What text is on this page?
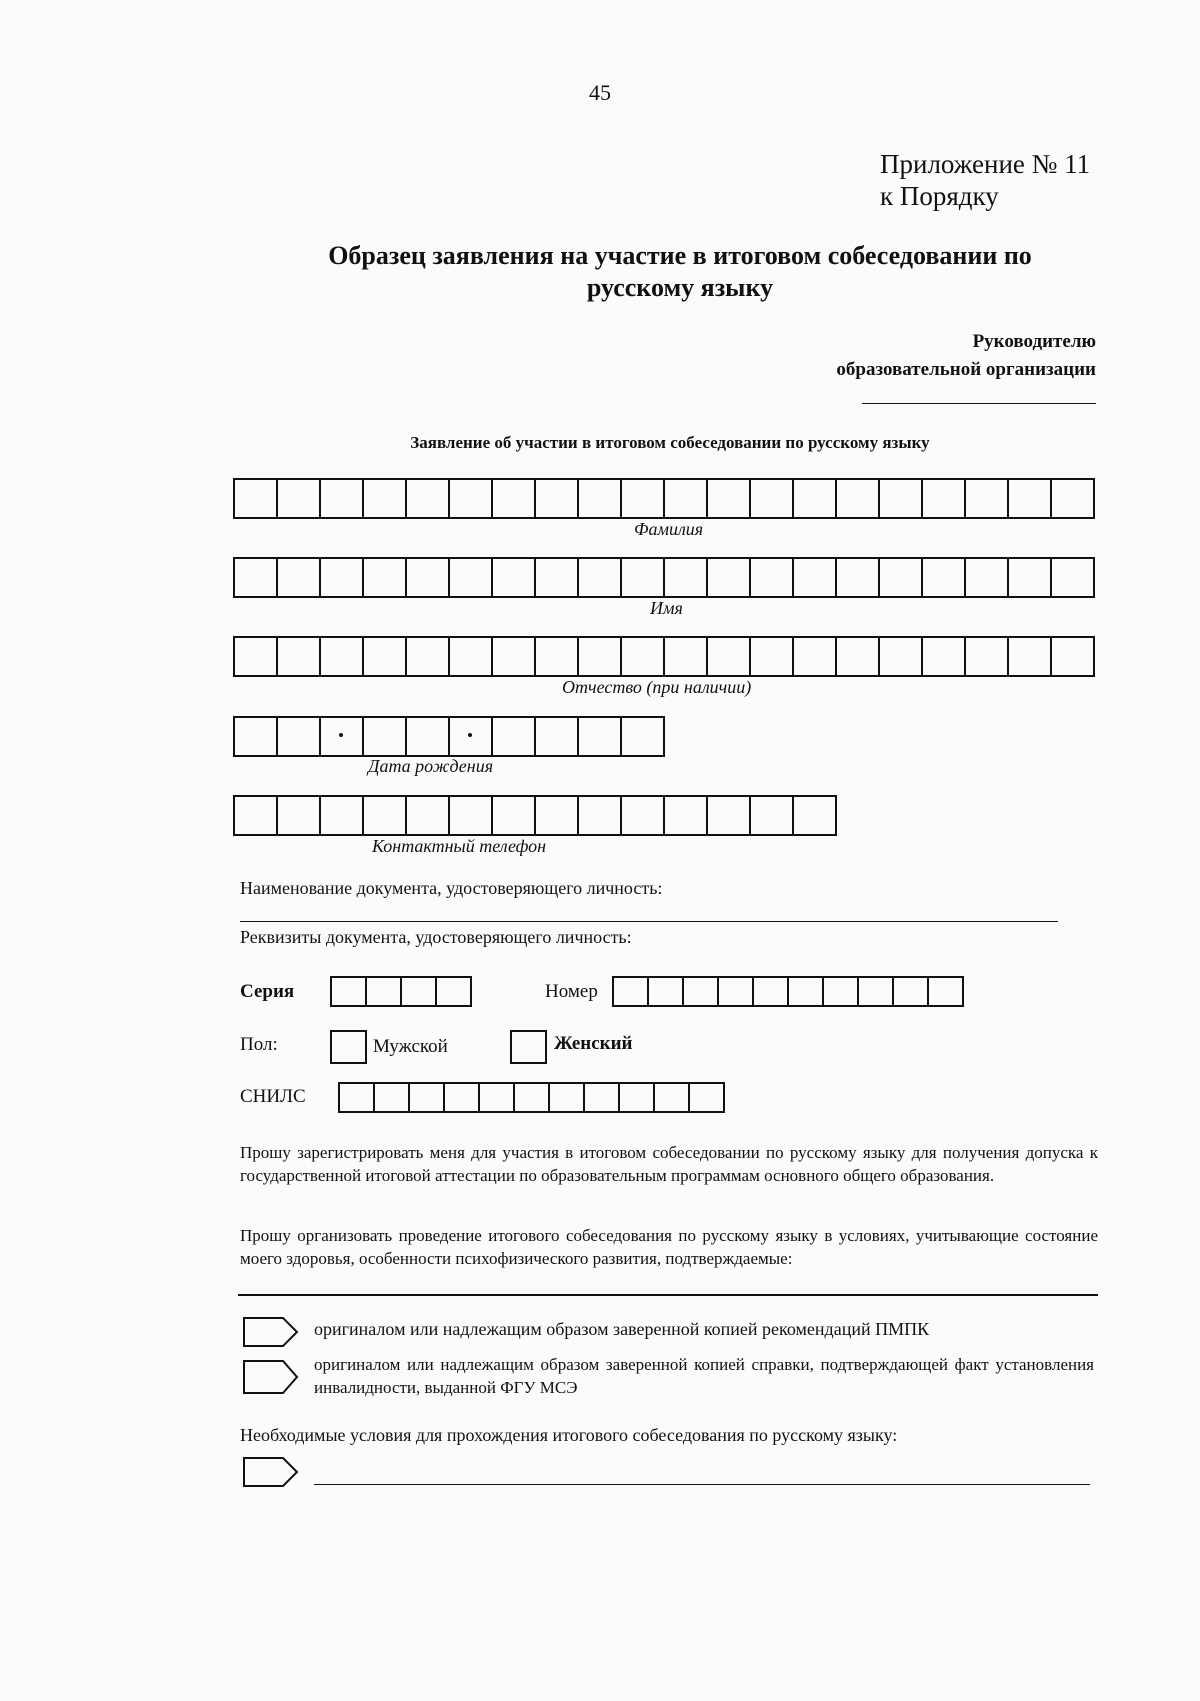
45
Приложение № 11
к Порядку
Образец заявления на участие в итоговом собеседовании по
русскому языку
Руководителю
образовательной организации
Заявление об участии в итоговом собеседовании по русскому языку
Фамилия
Имя
Отчество (при наличии)
Дата рождения
Контактный телефон
Наименование документа, удостоверяющего личность:
Реквизиты документа, удостоверяющего личность:
Серия	Номер
Пол:	Мужской	Женский
СНИЛС
Прошу зарегистрировать меня для участия в итоговом собеседовании по русскому языку для получения допуска к государственной итоговой аттестации по образовательным программам основного общего образования.
Прошу организовать проведение итогового собеседования по русскому языку в условиях, учитывающие состояние моего здоровья, особенности психофизического развития, подтверждаемые:
оригиналом или надлежащим образом заверенной копией рекомендаций ПМПК
оригиналом или надлежащим образом заверенной копией справки, подтверждающей факт установления инвалидности, выданной ФГУ МСЭ
Необходимые условия для прохождения итогового собеседования по русскому языку:
